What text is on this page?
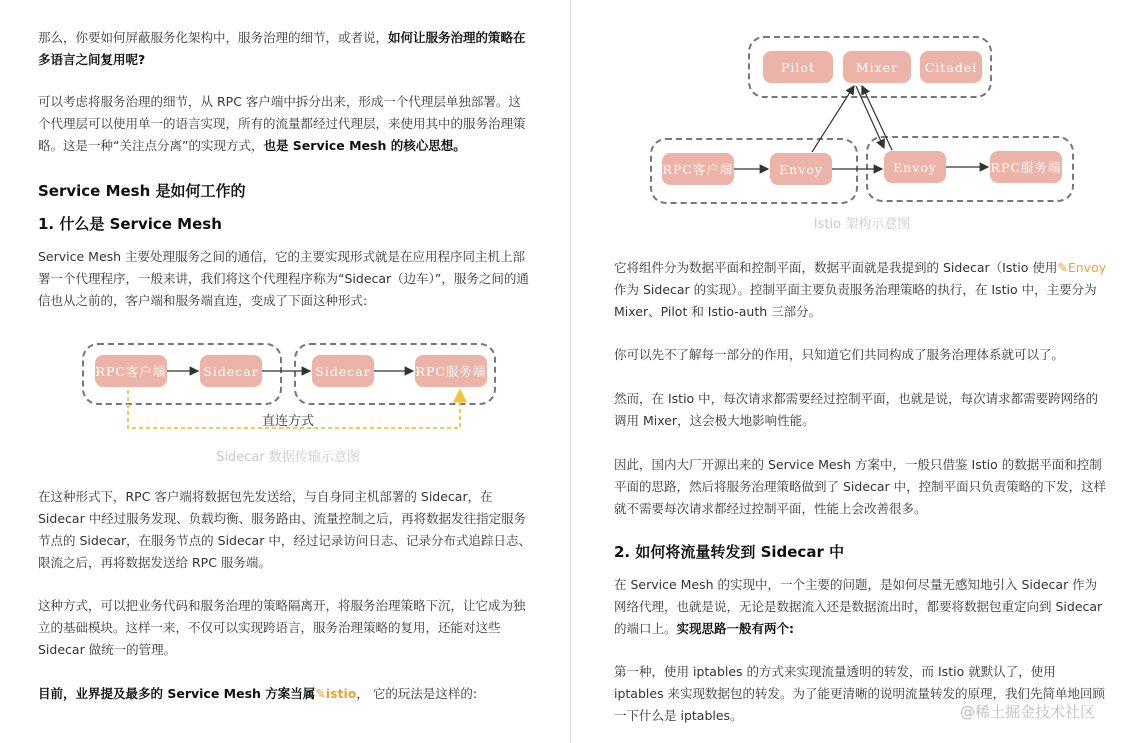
那么，你要如何屏蔽服务化架构中，服务治理的细节，或者说，如何让服务治理的策略在多语言之间复用呢?

可以考虑将服务治理的细节，从 RPC 客户端中拆分出来，形成一个代理层单独部署。这个代理层可以使用单一的语言实现，所有的流量都经过代理层，来使用其中的服务治理策略。这是一种“关注点分离”的实现方式，也是 Service Mesh 的核心思想。

Service Mesh 是如何工作的
1. 什么是 Service Mesh

Service Mesh 主要处理服务之间的通信，它的主要实现形式就是在应用程序同主机上部署一个代理程序，一般来讲，我们将这个代理程序称为“Sidecar（边车）”，服务之间的通信也从之前的，客户端和服务端直连，变成了下面这种形式:

RPC客户端	Sidecar	Sidecar	RPC服务端
直连方式
Sidecar 数据传输示意图

在这种形式下，RPC 客户端将数据包先发送给，与自身同主机部署的 Sidecar，在 Sidecar 中经过服务发现、负载均衡、服务路由、流量控制之后，再将数据发往指定服务节点的 Sidecar，在服务节点的 Sidecar 中，经过记录访问日志、记录分布式追踪日志、限流之后，再将数据发送给 RPC 服务端。

这种方式，可以把业务代码和服务治理的策略隔离开，将服务治理策略下沉，让它成为独立的基础模块。这样一来，不仅可以实现跨语言，服务治理策略的复用，还能对这些 Sidecar 做统一的管理。

目前，业界提及最多的 Service Mesh 方案当属✎istio， 它的玩法是这样的:

Pilot	Mixer	Citadel
RPC客户端	Envoy	Envoy	RPC服务端
Istio 架构示意图

它将组件分为数据平面和控制平面，数据平面就是我提到的 Sidecar（Istio 使用✎Envoy作为 Sidecar 的实现）。控制平面主要负责服务治理策略的执行，在 Istio 中，主要分为 Mixer、Pilot 和 Istio-auth 三部分。

你可以先不了解每一部分的作用，只知道它们共同构成了服务治理体系就可以了。

然而，在 Istio 中，每次请求都需要经过控制平面，也就是说，每次请求都需要跨网络的调用 Mixer，这会极大地影响性能。

因此，国内大厂开源出来的 Service Mesh 方案中，一般只借鉴 Istio 的数据平面和控制平面的思路，然后将服务治理策略做到了 Sidecar 中，控制平面只负责策略的下发，这样就不需要每次请求都经过控制平面，性能上会改善很多。

2. 如何将流量转发到 Sidecar 中

在 Service Mesh 的实现中，一个主要的问题，是如何尽量无感知地引入 Sidecar 作为网络代理，也就是说，无论是数据流入还是数据流出时，都要将数据包重定向到 Sidecar 的端口上。实现思路一般有两个:

第一种，使用 iptables 的方式来实现流量透明的转发，而 Istio 就默认了，使用 iptables 来实现数据包的转发。为了能更清晰的说明流量转发的原理，我们先简单地回顾一下什么是 iptables。	@稀土掘金技术社区
